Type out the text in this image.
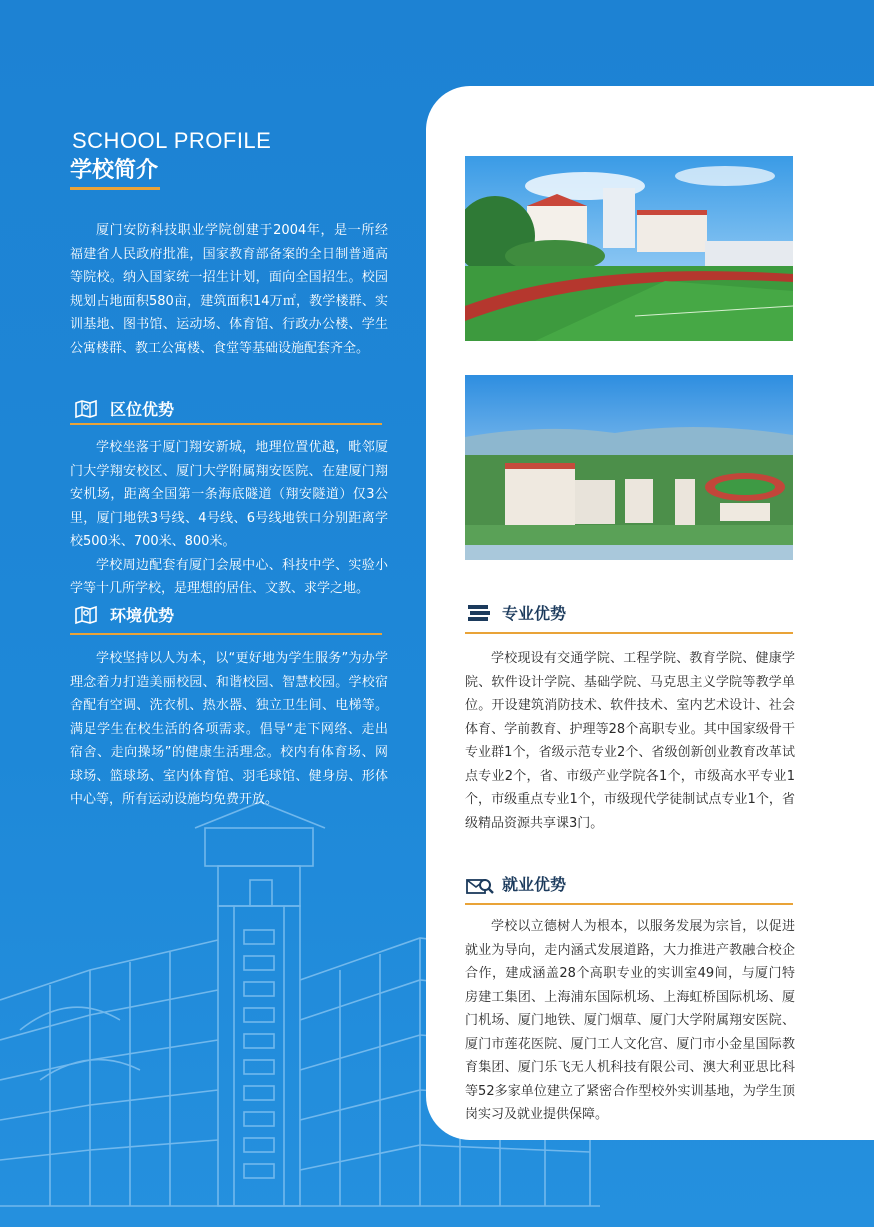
SCHOOL PROFILE
学校简介

厦门安防科技职业学院创建于2004年，是一所经福建省人民政府批准，国家教育部备案的全日制普通高等院校。纳入国家统一招生计划，面向全国招生。校园规划占地面积580亩，建筑面积14万㎡，教学楼群、实训基地、图书馆、运动场、体育馆、行政办公楼、学生公寓楼群、教工公寓楼、食堂等基础设施配套齐全。

区位优势

学校坐落于厦门翔安新城，地理位置优越，毗邻厦门大学翔安校区、厦门大学附属翔安医院、在建厦门翔安机场，距离全国第一条海底隧道（翔安隧道）仅3公里，厦门地铁3号线、4号线、6号线地铁口分别距离学校500米、700米、800米。

学校周边配套有厦门会展中心、科技中学、实验小学等十几所学校，是理想的居住、文教、求学之地。

环境优势

学校坚持以人为本，以“更好地为学生服务”为办学理念着力打造美丽校园、和谐校园、智慧校园。学校宿舍配有空调、洗衣机、热水器、独立卫生间、电梯等。满足学生在校生活的各项需求。倡导“走下网络、走出宿舍、走向操场”的健康生活理念。校内有体育场、网球场、篮球场、室内体育馆、羽毛球馆、健身房、形体中心等，所有运动设施均免费开放。

专业优势

学校现设有交通学院、工程学院、教育学院、健康学院、软件设计学院、基础学院、马克思主义学院等教学单位。开设建筑消防技术、软件技术、室内艺术设计、社会体育、学前教育、护理等28个高职专业。其中国家级骨干专业群1个，省级示范专业2个、省级创新创业教育改革试点专业2个，省、市级产业学院各1个，市级高水平专业1个，市级重点专业1个，市级现代学徒制试点专业1个，省级精品资源共享课3门。

就业优势

学校以立德树人为根本，以服务发展为宗旨，以促进就业为导向，走内涵式发展道路，大力推进产教融合校企合作，建成涵盖28个高职专业的实训室49间，与厦门特房建工集团、上海浦东国际机场、上海虹桥国际机场、厦门机场、厦门地铁、厦门烟草、厦门大学附属翔安医院、厦门市莲花医院、厦门工人文化宫、厦门市小金星国际教育集团、厦门乐飞无人机科技有限公司、澳大利亚思比科等52多家单位建立了紧密合作型校外实训基地，为学生顶岗实习及就业提供保障。
